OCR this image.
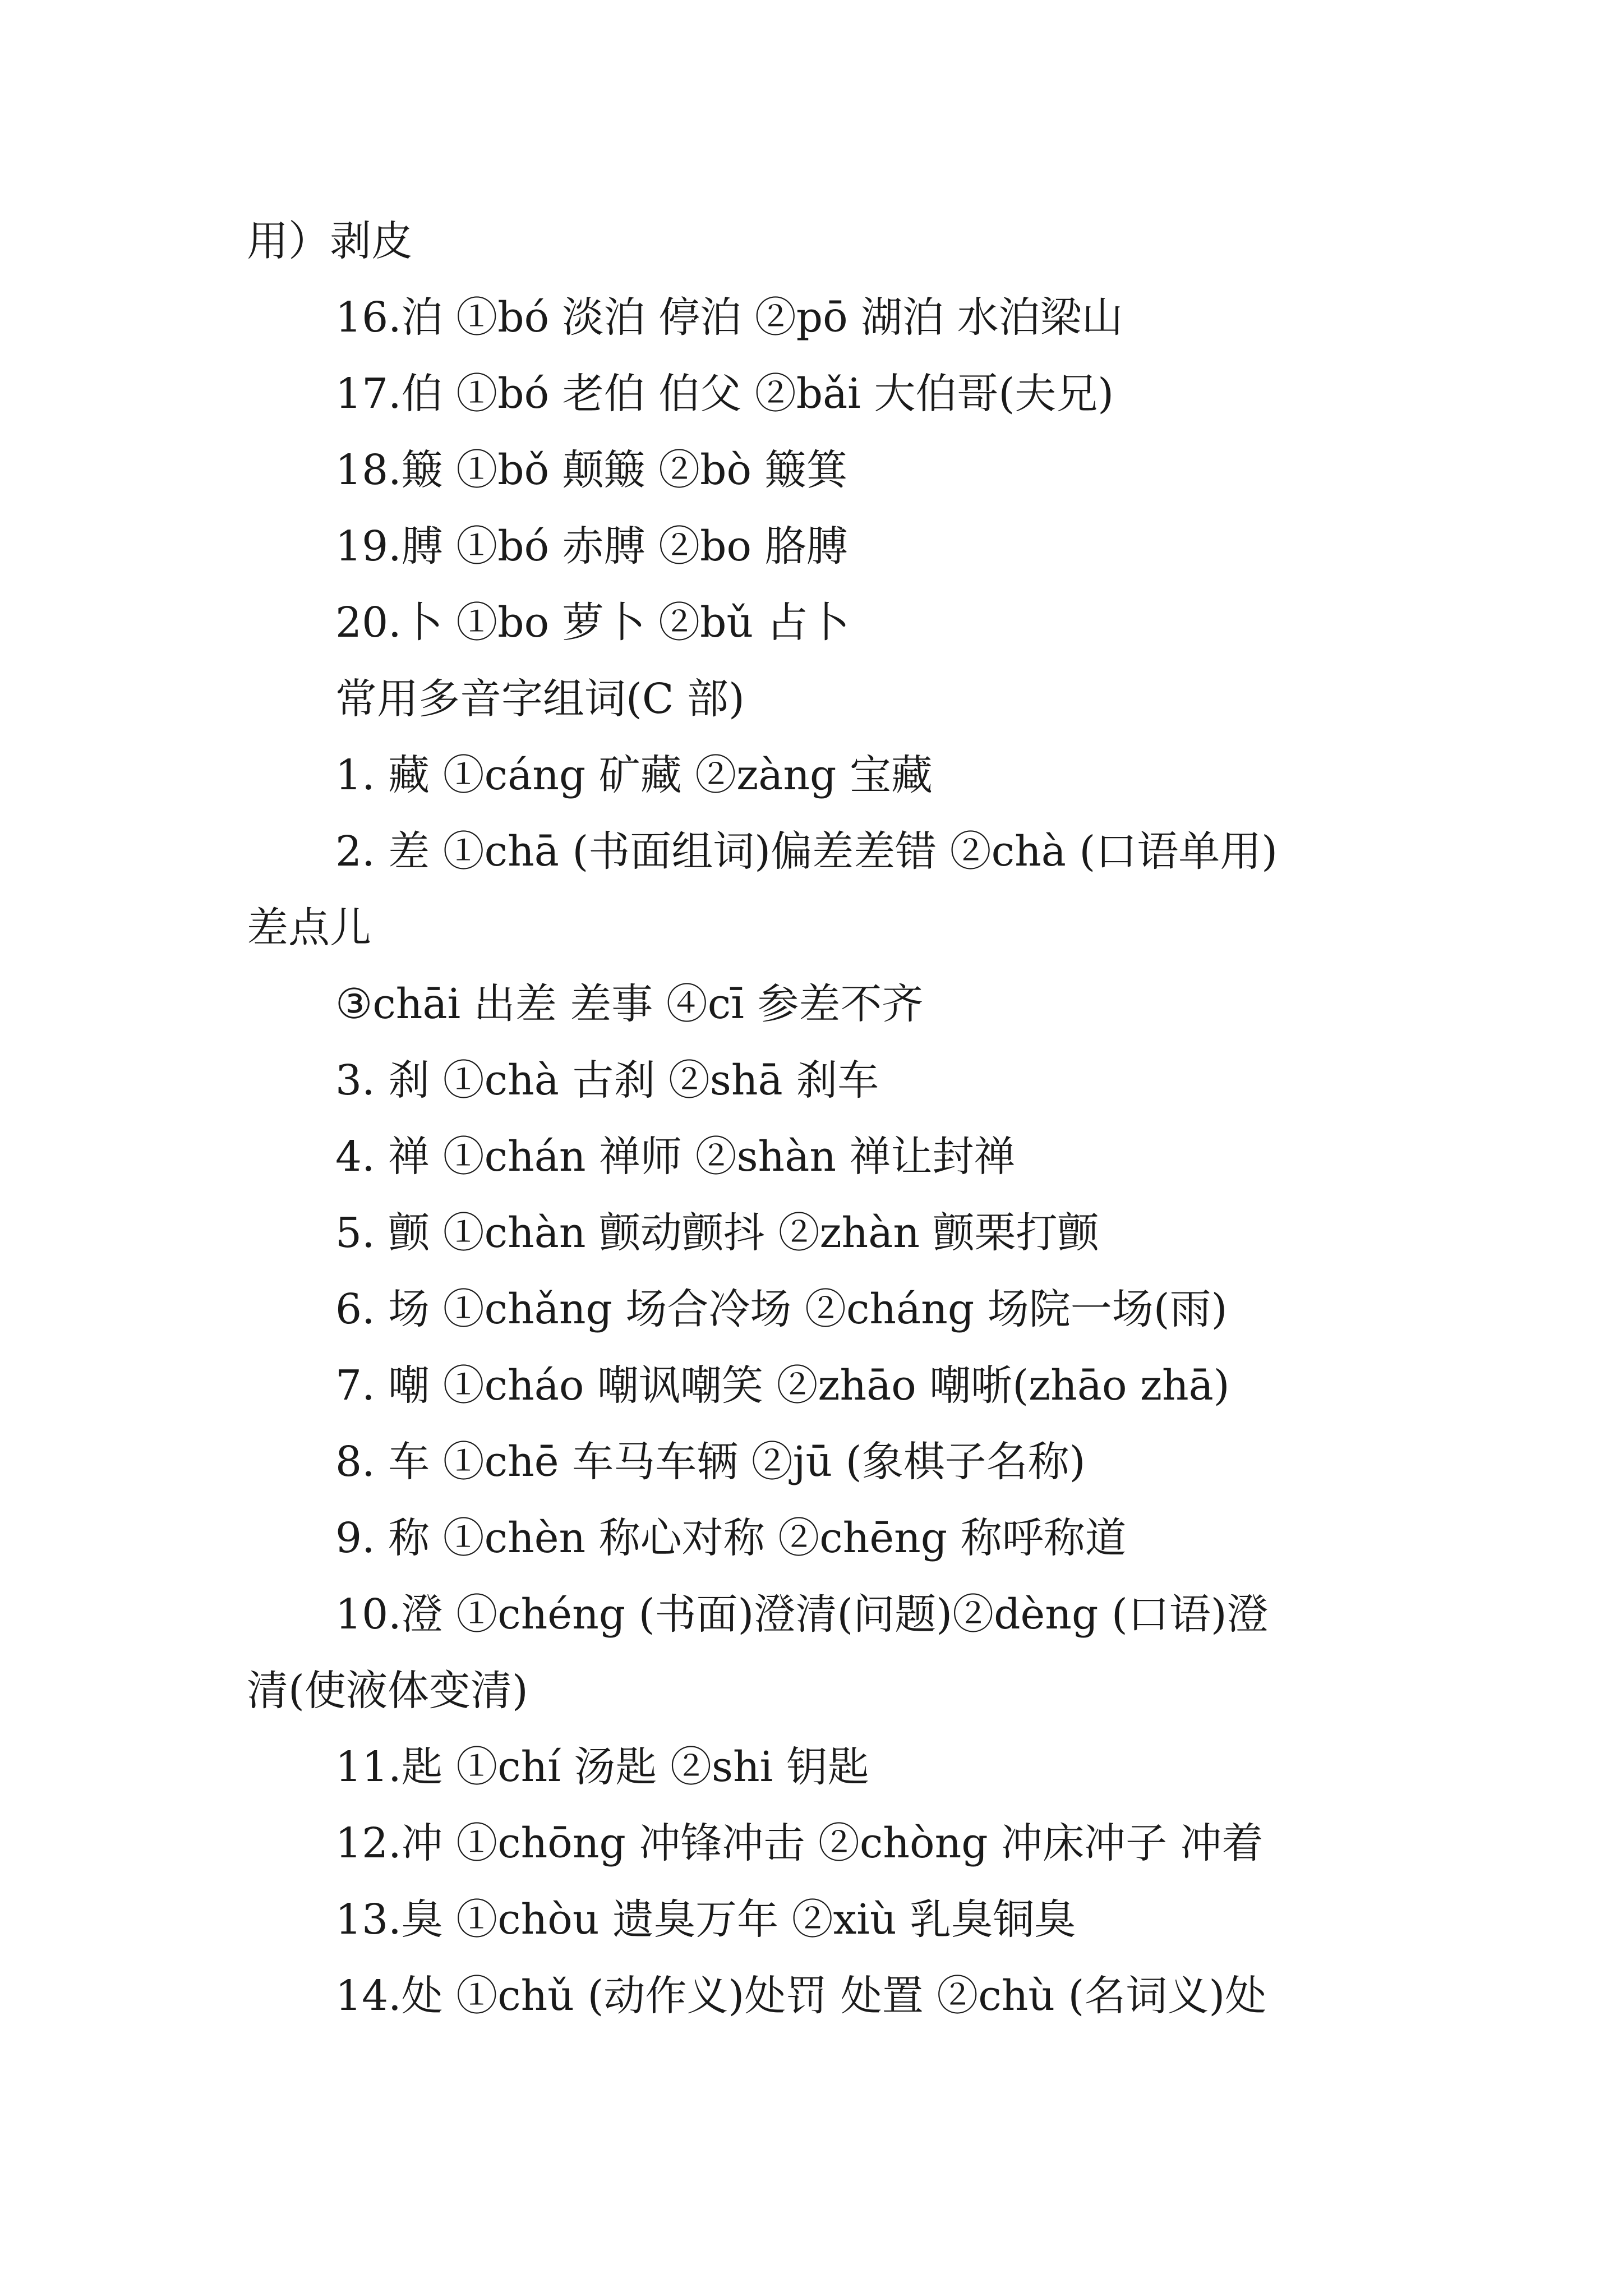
用）剥皮
16.泊 ①bó 淡泊 停泊 ②pō 湖泊 水泊梁山
17.伯 ①bó 老伯 伯父 ②bǎi 大伯哥(夫兄)
18.簸 ①bǒ 颠簸 ②bò 簸箕
19.膊 ①bó 赤膊 ②bo 胳膊
20.卜 ①bo 萝卜 ②bǔ 占卜
常用多音字组词(C 部)
1. 藏 ①cáng 矿藏 ②zàng 宝藏
2. 差 ①chā (书面组词)偏差差错 ②chà (口语单用)
差点儿
③chāi 出差 差事 ④cī 参差不齐
3. 刹 ①chà 古刹 ②shā 刹车
4. 禅 ①chán 禅师 ②shàn 禅让封禅
5. 颤 ①chàn 颤动颤抖 ②zhàn 颤栗打颤
6. 场 ①chǎng 场合冷场 ②cháng 场院一场(雨)
7. 嘲 ①cháo 嘲讽嘲笑 ②zhāo 嘲哳(zhāo zhā)
8. 车 ①chē 车马车辆 ②jū (象棋子名称)
9. 称 ①chèn 称心对称 ②chēng 称呼称道
10.澄 ①chéng (书面)澄清(问题)②dèng (口语)澄
清(使液体变清)
11.匙 ①chí 汤匙 ②shi 钥匙
12.冲 ①chōng 冲锋冲击 ②chòng 冲床冲子 冲着
13.臭 ①chòu 遗臭万年 ②xiù 乳臭铜臭
14.处 ①chǔ (动作义)处罚 处置 ②chù (名词义)处
